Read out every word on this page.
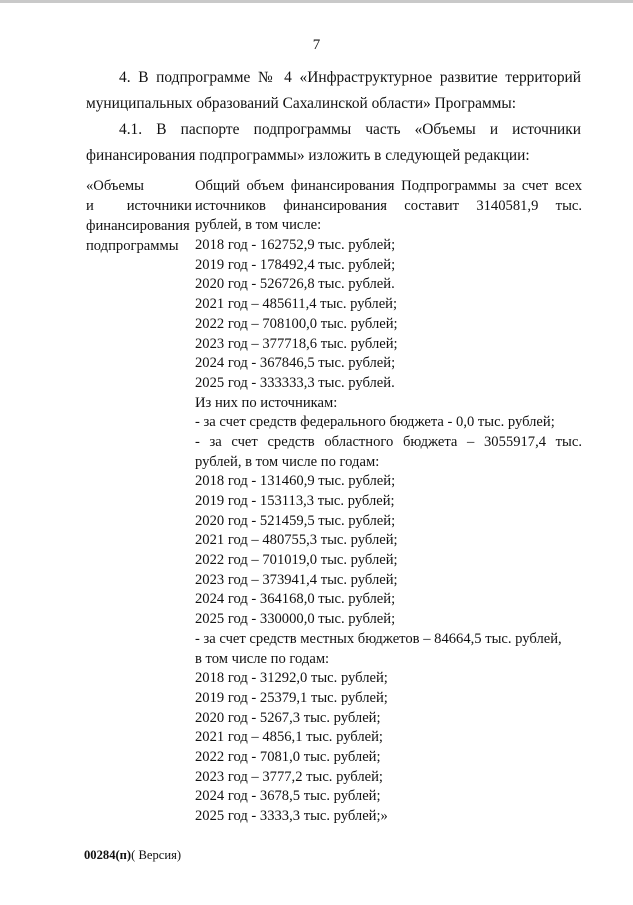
7

4. В подпрограмме № 4 «Инфраструктурное развитие территорий

муниципальных образований Сахалинской области» Программы:

4.1. В паспорте подпрограммы часть «Объемы и источники

финансирования подпрограммы» изложить в следующей редакции:

«Объемы
и источники
финансирования
подпрограммы
Общий объем финансирования Подпрограммы за счет всех
источников финансирования составит 3140581,9 тыс.
рублей, в том числе:
2018 год - 162752,9 тыс. рублей;
2019 год - 178492,4 тыс. рублей;
2020 год - 526726,8 тыс. рублей.
2021 год – 485611,4 тыс. рублей;
2022 год – 708100,0 тыс. рублей;
2023 год – 377718,6 тыс. рублей;
2024 год - 367846,5 тыс. рублей;
2025 год - 333333,3 тыс. рублей.
Из них по источникам:
- за счет средств федерального бюджета - 0,0 тыс. рублей;
- за счет средств областного бюджета – 3055917,4 тыс.
рублей, в том числе по годам:
2018 год - 131460,9 тыс. рублей;
2019 год - 153113,3 тыс. рублей;
2020 год - 521459,5 тыс. рублей;
2021 год – 480755,3 тыс. рублей;
2022 год – 701019,0 тыс. рублей;
2023 год – 373941,4 тыс. рублей;
2024 год - 364168,0 тыс. рублей;
2025 год - 330000,0 тыс. рублей;
- за счет средств местных бюджетов – 84664,5 тыс. рублей,
в том числе по годам:
2018 год - 31292,0 тыс. рублей;
2019 год - 25379,1 тыс. рублей;
2020 год - 5267,3 тыс. рублей;
2021 год – 4856,1 тыс. рублей;
2022 год - 7081,0 тыс. рублей;
2023 год – 3777,2 тыс. рублей;
2024 год - 3678,5 тыс. рублей;
2025 год - 3333,3 тыс. рублей;»
00284(п)( Версия)
